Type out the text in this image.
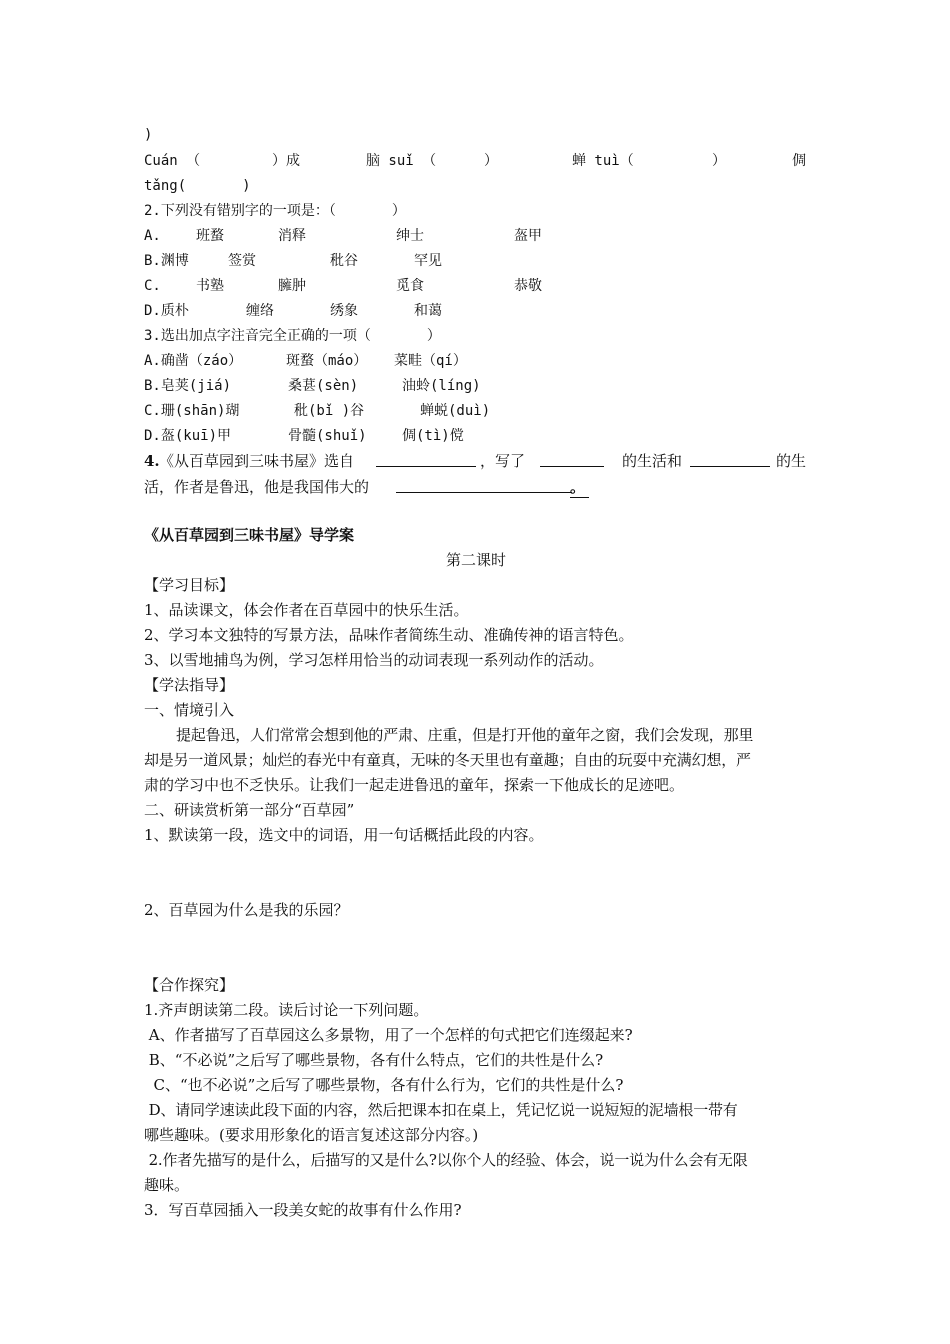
)
Cuán （	）成	脑 suǐ （	）	蝉 tuì（	）	倜
tǎng(　　　　)
2.下列没有错别字的一项是：（　　　　）
A.	班蝥	消释	绅士	盔甲
B.渊博	签赏	秕谷	罕见
C.	书塾	臃肿	觅食	恭敬
D.质朴	缠络	绣象	和蔼
3.选出加点字注音完全正确的一项（　　　　）
A.确凿（záo）	斑蝥（máo） 菜畦（qí）
B.皂荚(jiá)	桑葚(sèn)	油蛉(líng)
C.珊(shān)瑚	秕(bǐ )谷	蝉蜕(duì)
D.盔(kuī)甲	骨髓(shuǐ)	倜(tì)傥
4. 《从百草园到三味书屋》选自	，写了	的生活和	的生
活，作者是鲁迅，他是我国伟大的	。
《从百草园到三味书屋》导学案
第二课时
【学习目标】
1、品读课文，体会作者在百草园中的快乐生活。
2、学习本文独特的写景方法，品味作者简练生动、准确传神的语言特色。
3、以雪地捕鸟为例，学习怎样用恰当的动词表现一系列动作的活动。
【学法指导】
一、情境引入
提起鲁迅，人们常常会想到他的严肃、庄重，但是打开他的童年之窗，我们会发现，那里
却是另一道风景；灿烂的春光中有童真，无味的冬天里也有童趣；自由的玩耍中充满幻想，严
肃的学习中也不乏快乐。让我们一起走进鲁迅的童年，探索一下他成长的足迹吧。
二、研读赏析第一部分“百草园”
1、默读第一段，选文中的词语，用一句话概括此段的内容。
2、百草园为什么是我的乐园？
【合作探究】
1.齐声朗读第二段。读后讨论一下列问题。
A、作者描写了百草园这么多景物，用了一个怎样的句式把它们连缀起来?
B、“不必说”之后写了哪些景物，各有什么特点，它们的共性是什么?
C、“也不必说”之后写了哪些景物，各有什么行为，它们的共性是什么?
D、请同学速读此段下面的内容，然后把课本扣在桌上，凭记忆说一说短短的泥墙根一带有
哪些趣味。(要求用形象化的语言复述这部分内容。)
2.作者先描写的是什么，后描写的又是什么?以你个人的经验、体会，说一说为什么会有无限
趣味。
3．写百草园插入一段美女蛇的故事有什么作用?
